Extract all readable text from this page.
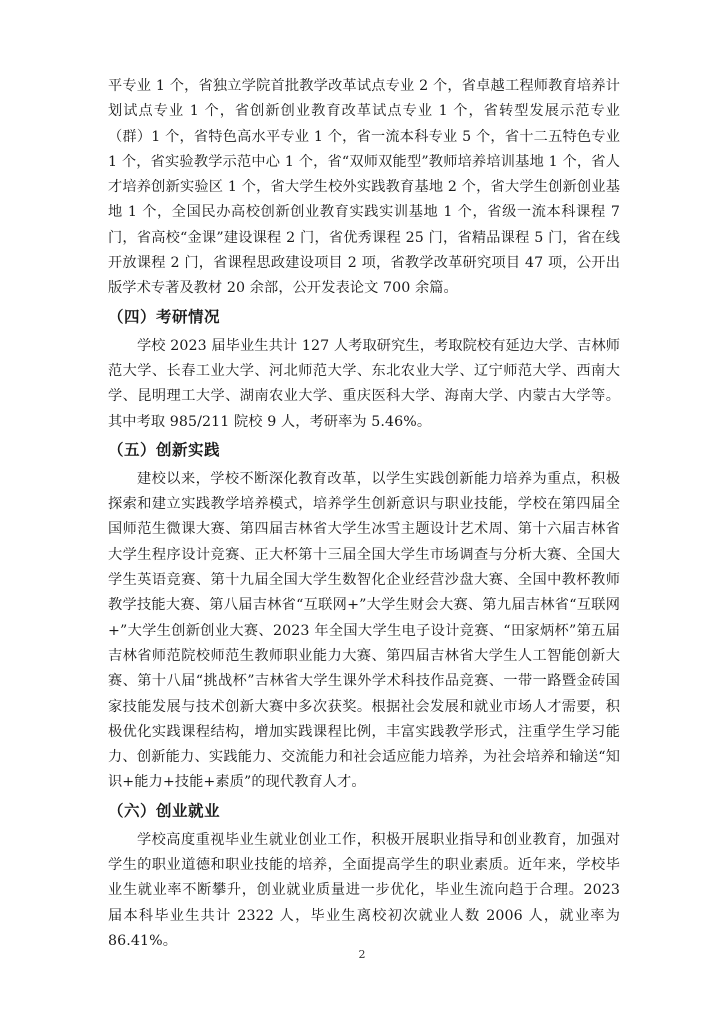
平专业 1 个，省独立学院首批教学改革试点专业 2 个，省卓越工程师教育培养计划试点专业 1 个，省创新创业教育改革试点专业 1 个，省转型发展示范专业（群）1 个，省特色高水平专业 1 个，省一流本科专业 5 个，省十二五特色专业 1 个，省实验教学示范中心 1 个，省“双师双能型”教师培养培训基地 1 个，省人才培养创新实验区 1 个，省大学生校外实践教育基地 2 个，省大学生创新创业基地 1 个，全国民办高校创新创业教育实践实训基地 1 个，省级一流本科课程 7 门，省高校“金课”建设课程 2 门，省优秀课程 25 门，省精品课程 5 门，省在线开放课程 2 门，省课程思政建设项目 2 项，省教学改革研究项目 47 项，公开出版学术专著及教材 20 余部，公开发表论文 700 余篇。

（四）考研情况

学校 2023 届毕业生共计 127 人考取研究生，考取院校有延边大学、吉林师范大学、长春工业大学、河北师范大学、东北农业大学、辽宁师范大学、西南大学、昆明理工大学、湖南农业大学、重庆医科大学、海南大学、内蒙古大学等。其中考取 985/211 院校 9 人，考研率为 5.46%。

（五）创新实践

建校以来，学校不断深化教育改革，以学生实践创新能力培养为重点，积极探索和建立实践教学培养模式，培养学生创新意识与职业技能，学校在第四届全国师范生微课大赛、第四届吉林省大学生冰雪主题设计艺术周、第十六届吉林省大学生程序设计竞赛、正大杯第十三届全国大学生市场调查与分析大赛、全国大学生英语竞赛、第十九届全国大学生数智化企业经营沙盘大赛、全国中教杯教师教学技能大赛、第八届吉林省“互联网+”大学生财会大赛、第九届吉林省“互联网+”大学生创新创业大赛、2023 年全国大学生电子设计竞赛、“田家炳杯”第五届吉林省师范院校师范生教师职业能力大赛、第四届吉林省大学生人工智能创新大赛、第十八届“挑战杯”吉林省大学生课外学术科技作品竞赛、一带一路暨金砖国家技能发展与技术创新大赛中多次获奖。根据社会发展和就业市场人才需要，积极优化实践课程结构，增加实践课程比例，丰富实践教学形式，注重学生学习能力、创新能力、实践能力、交流能力和社会适应能力培养，为社会培养和输送“知识+能力+技能+素质”的现代教育人才。

（六）创业就业

学校高度重视毕业生就业创业工作，积极开展职业指导和创业教育，加强对学生的职业道德和职业技能的培养，全面提高学生的职业素质。近年来，学校毕业生就业率不断攀升，创业就业质量进一步优化，毕业生流向趋于合理。2023 届本科毕业生共计 2322 人，毕业生离校初次就业人数 2006 人，就业率为 86.41%。

2
